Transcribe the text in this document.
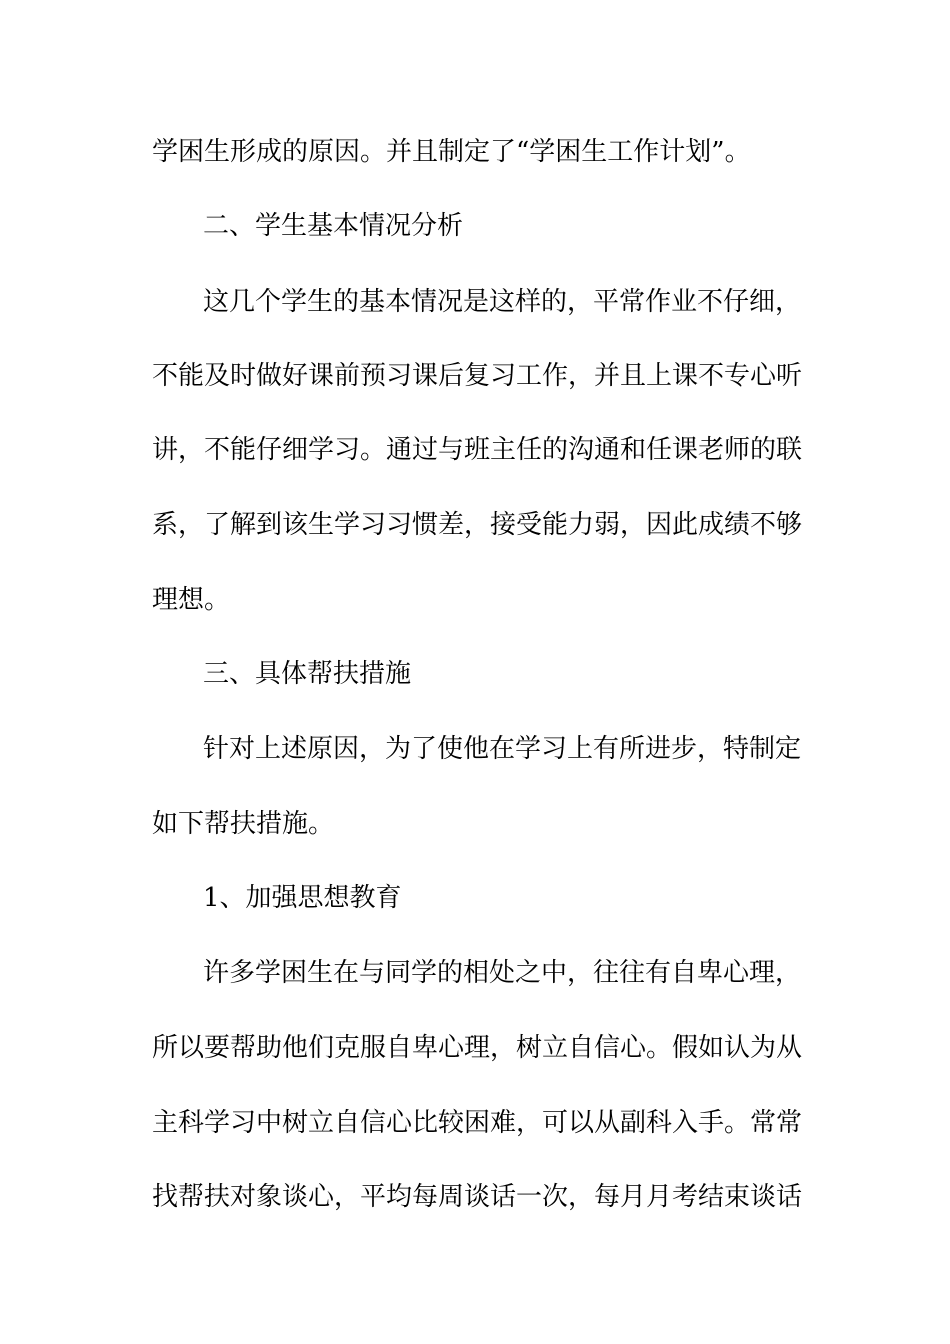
学困生形成的原因。并且制定了“学困生工作计划”。
二、学生基本情况分析
这几个学生的基本情况是这样的，平常作业不仔细，
不能及时做好课前预习课后复习工作，并且上课不专心听
讲，不能仔细学习。通过与班主任的沟通和任课老师的联
系，了解到该生学习习惯差，接受能力弱，因此成绩不够
理想。
三、具体帮扶措施
针对上述原因，为了使他在学习上有所进步，特制定
如下帮扶措施。
1、加强思想教育
许多学困生在与同学的相处之中，往往有自卑心理，
所以要帮助他们克服自卑心理，树立自信心。假如认为从
主科学习中树立自信心比较困难，可以从副科入手。常常
找帮扶对象谈心，平均每周谈话一次，每月月考结束谈话
